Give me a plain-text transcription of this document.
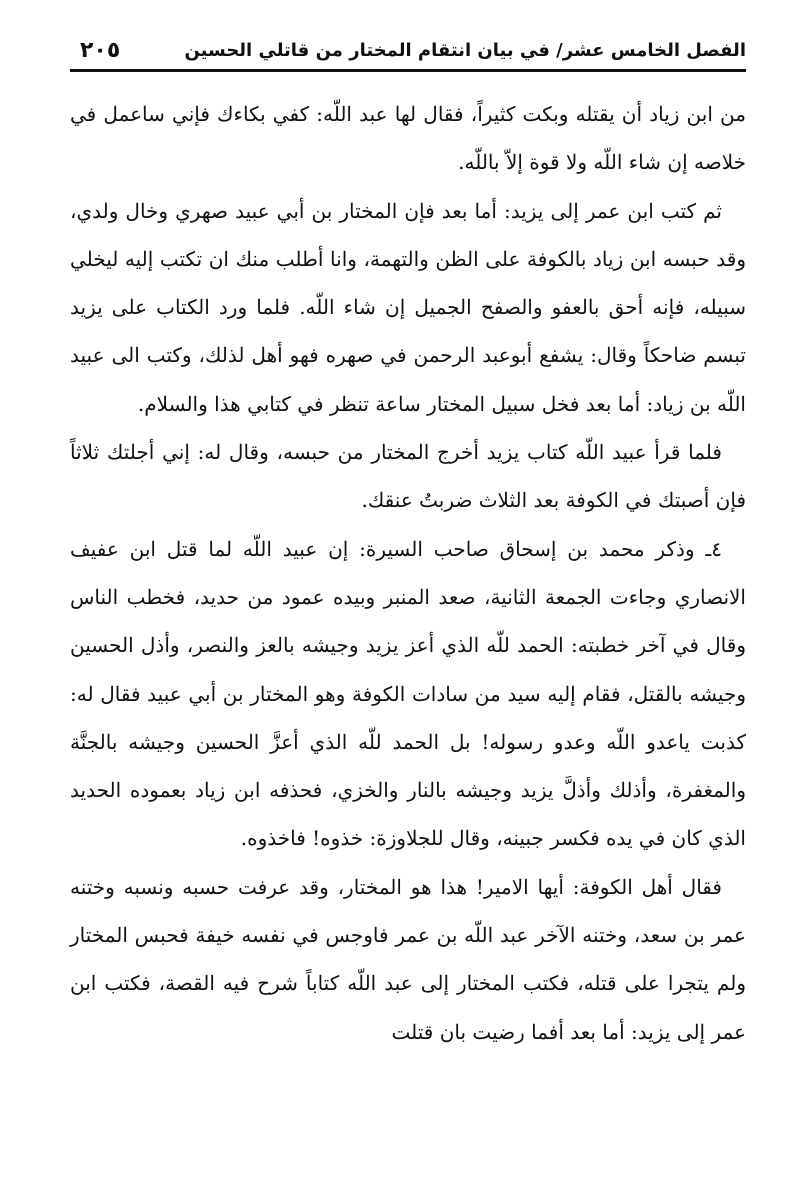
الفصل الخامس عشر/ في بيان انتقام المختار من قاتلي الحسين
٢٠٥

من ابن زياد أن يقتله وبكت كثيراً، فقال لها عبد اللّه: كفي بكاءك فإني ساعمل في خلاصه إن شاء اللّه ولا قوة إلاّ باللّه.

ثم كتب ابن عمر إلى يزيد: أما بعد فإن المختار بن أبي عبيد صهري وخال ولدي، وقد حبسه ابن زياد بالكوفة على الظن والتهمة، وانا أطلب منك ان تكتب إليه ليخلي سبيله، فإنه أحق بالعفو والصفح الجميل إن شاء اللّه. فلما ورد الكتاب على يزيد تبسم ضاحكاً وقال: يشفع أبوعبد الرحمن في صهره فهو أهل لذلك، وكتب الى عبيد اللّه بن زياد: أما بعد فخل سبيل المختار ساعة تنظر في كتابي هذا والسلام.

فلما قرأ عبيد اللّه كتاب يزيد أخرج المختار من حبسه، وقال له: إني أجلتك ثلاثاً فإن أصبتك في الكوفة بعد الثلاث ضربتُ عنقك.

٤ـ وذكر محمد بن إسحاق صاحب السيرة: إن عبيد اللّه لما قتل ابن عفيف الانصاري وجاءت الجمعة الثانية، صعد المنبر وبيده عمود من حديد، فخطب الناس وقال في آخر خطبته: الحمد للّه الذي أعز يزيد وجيشه بالعز والنصر، وأذل الحسين وجيشه بالقتل، فقام إليه سيد من سادات الكوفة وهو المختار بن أبي عبيد فقال له: كذبت ياعدو اللّه وعدو رسوله! بل الحمد للّه الذي أعزَّ الحسين وجيشه بالجنَّة والمغفرة، وأذلك وأذلَّ يزيد وجيشه بالنار والخزي، فحذفه ابن زياد بعموده الحديد الذي كان في يده فكسر جبينه، وقال للجلاوزة: خذوه! فاخذوه.

فقال أهل الكوفة: أيها الامير! هذا هو المختار، وقد عرفت حسبه ونسبه وختنه عمر بن سعد، وختنه الآخر عبد اللّه بن عمر فاوجس في نفسه خيفة فحبس المختار ولم يتجرا على قتله، فكتب المختار إلى عبد اللّه كتاباً شرح فيه القصة، فكتب ابن عمر إلى يزيد: أما بعد أفما رضيت بان قتلت
